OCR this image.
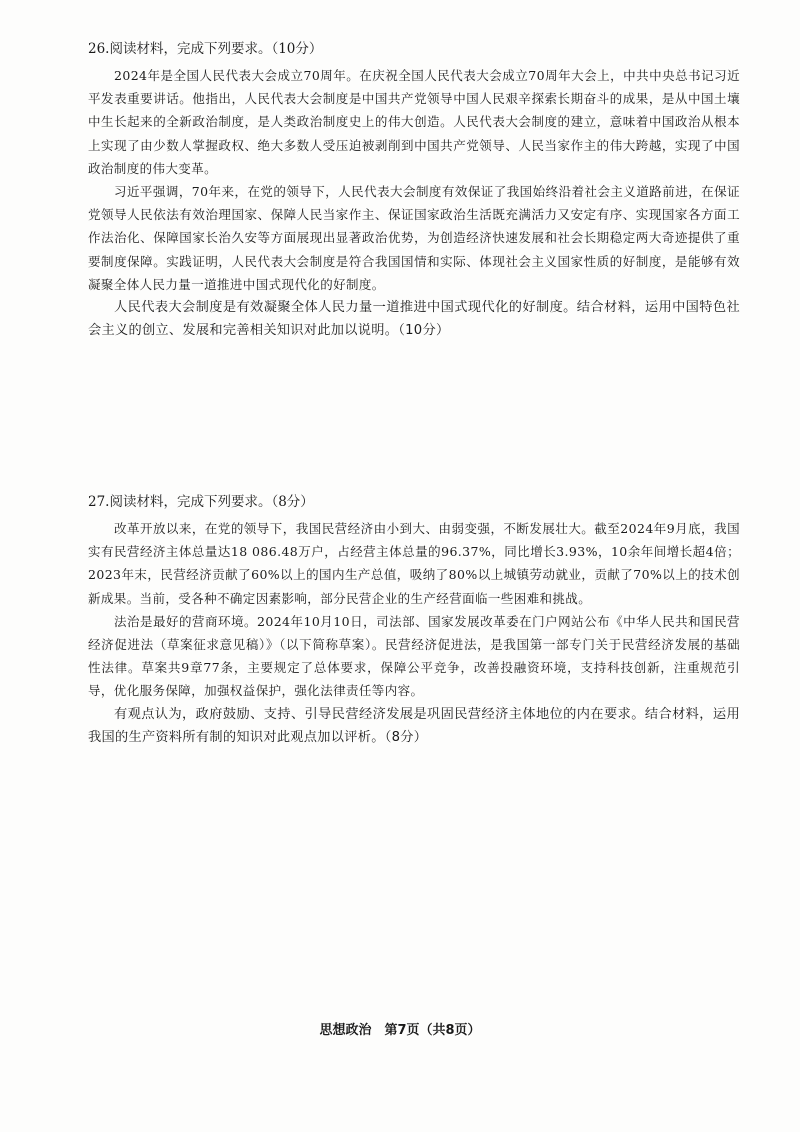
26.阅读材料，完成下列要求。（10分）

2024年是全国人民代表大会成立70周年。在庆祝全国人民代表大会成立70周年大会上，中共中央总书记习近平发表重要讲话。他指出，人民代表大会制度是中国共产党领导中国人民艰辛探索长期奋斗的成果，是从中国土壤中生长起来的全新政治制度，是人类政治制度史上的伟大创造。人民代表大会制度的建立，意味着中国政治从根本上实现了由少数人掌握政权、绝大多数人受压迫被剥削到中国共产党领导、人民当家作主的伟大跨越，实现了中国政治制度的伟大变革。

习近平强调，70年来，在党的领导下，人民代表大会制度有效保证了我国始终沿着社会主义道路前进，在保证党领导人民依法有效治理国家、保障人民当家作主、保证国家政治生活既充满活力又安定有序、实现国家各方面工作法治化、保障国家长治久安等方面展现出显著政治优势，为创造经济快速发展和社会长期稳定两大奇迹提供了重要制度保障。实践证明，人民代表大会制度是符合我国国情和实际、体现社会主义国家性质的好制度，是能够有效凝聚全体人民力量一道推进中国式现代化的好制度。

人民代表大会制度是有效凝聚全体人民力量一道推进中国式现代化的好制度。结合材料，运用中国特色社会主义的创立、发展和完善相关知识对此加以说明。（10分）

27.阅读材料，完成下列要求。（8分）

改革开放以来，在党的领导下，我国民营经济由小到大、由弱变强，不断发展壮大。截至2024年9月底，我国实有民营经济主体总量达18 086.48万户，占经营主体总量的96.37%，同比增长3.93%，10余年间增长超4倍；2023年末，民营经济贡献了60%以上的国内生产总值，吸纳了80%以上城镇劳动就业，贡献了70%以上的技术创新成果。当前，受各种不确定因素影响，部分民营企业的生产经营面临一些困难和挑战。

法治是最好的营商环境。2024年10月10日，司法部、国家发展改革委在门户网站公布《中华人民共和国民营经济促进法（草案征求意见稿）》（以下简称草案）。民营经济促进法，是我国第一部专门关于民营经济发展的基础性法律。草案共9章77条，主要规定了总体要求，保障公平竞争，改善投融资环境，支持科技创新，注重规范引导，优化服务保障，加强权益保护，强化法律责任等内容。

有观点认为，政府鼓励、支持、引导民营经济发展是巩固民营经济主体地位的内在要求。结合材料，运用我国的生产资料所有制的知识对此观点加以评析。（8分）

思想政治　第7页（共8页）
